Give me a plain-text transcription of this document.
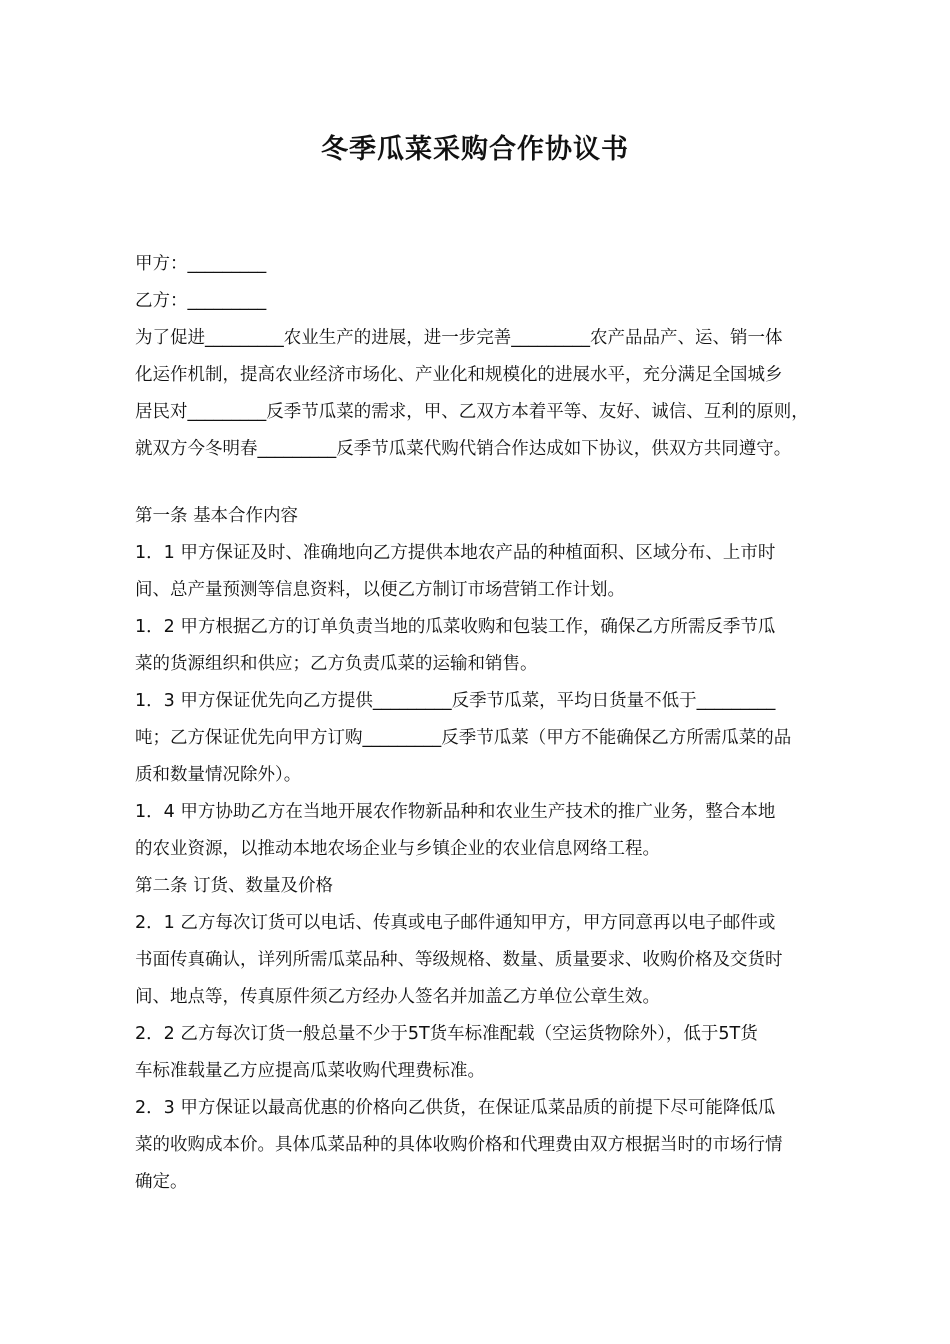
冬季瓜菜采购合作协议书

甲方：_________

乙方：_________

为了促进_________农业生产的进展，进一步完善_________农产品品产、运、销一体
化运作机制，提高农业经济市场化、产业化和规模化的进展水平，充分满足全国城乡
居民对_________反季节瓜菜的需求，甲、乙双方本着平等、友好、诚信、互利的原则，
就双方今冬明春_________反季节瓜菜代购代销合作达成如下协议，供双方共同遵守。

第一条 基本合作内容

1．1 甲方保证及时、准确地向乙方提供本地农产品的种植面积、区域分布、上市时
间、总产量预测等信息资料，以便乙方制订市场营销工作计划。
1．2 甲方根据乙方的订单负责当地的瓜菜收购和包装工作，确保乙方所需反季节瓜
菜的货源组织和供应；乙方负责瓜菜的运输和销售。
1．3 甲方保证优先向乙方提供_________反季节瓜菜，平均日货量不低于_________
吨；乙方保证优先向甲方订购_________反季节瓜菜（甲方不能确保乙方所需瓜菜的品
质和数量情况除外）。
1．4 甲方协助乙方在当地开展农作物新品种和农业生产技术的推广业务，整合本地
的农业资源，以推动本地农场企业与乡镇企业的农业信息网络工程。

第二条 订货、数量及价格

2．1 乙方每次订货可以电话、传真或电子邮件通知甲方，甲方同意再以电子邮件或
书面传真确认，详列所需瓜菜品种、等级规格、数量、质量要求、收购价格及交货时
间、地点等，传真原件须乙方经办人签名并加盖乙方单位公章生效。
2．2 乙方每次订货一般总量不少于5T货车标准配载（空运货物除外），低于5T货
车标准载量乙方应提高瓜菜收购代理费标准。
2．3 甲方保证以最高优惠的价格向乙供货，在保证瓜菜品质的前提下尽可能降低瓜
菜的收购成本价。具体瓜菜品种的具体收购价格和代理费由双方根据当时的市场行情
确定。
